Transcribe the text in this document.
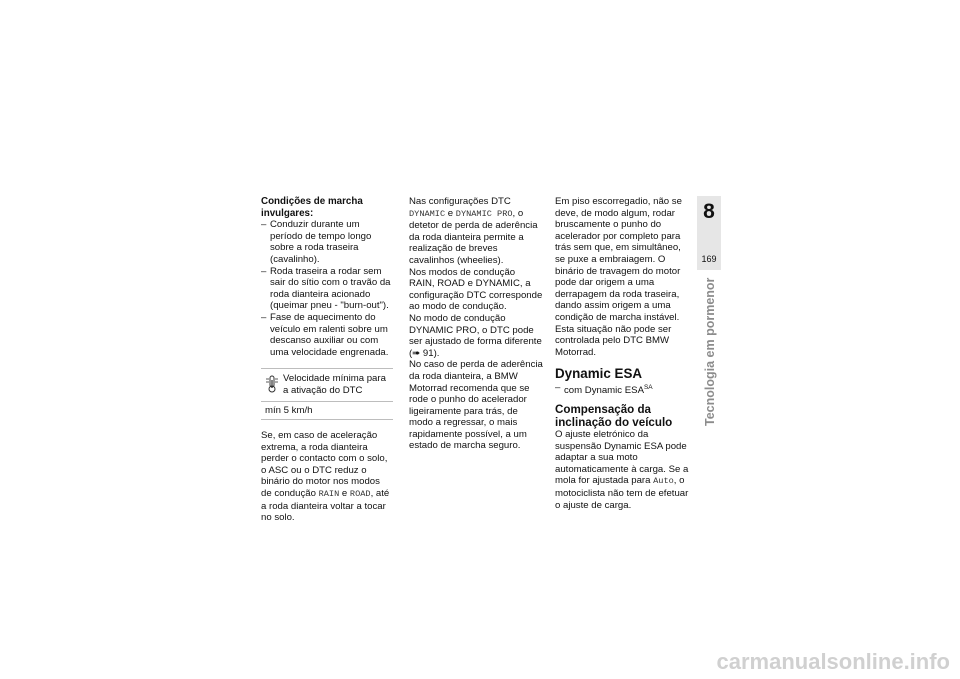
Condições de marcha invulgares:
– Conduzir durante um período de tempo longo sobre a roda traseira (cavalinho).
– Roda traseira a rodar sem sair do sítio com o travão da roda dianteira acionado (queimar pneu - "burn-out").
– Fase de aquecimento do veículo em ralenti sobre um descanso auxiliar ou com uma velocidade engrenada.
Velocidade mínima para a ativação do DTC
mín 5 km/h

Se, em caso de aceleração extrema, a roda dianteira perder o contacto com o solo, o ASC ou o DTC reduz o binário do motor nos modos de condução RAIN e ROAD, até a roda dianteira voltar a tocar no solo.

Nas configurações DTC DYNAMIC e DYNAMIC PRO, o detetor de perda de aderência da roda dianteira permite a realização de breves cavalinhos (wheelies).

Nos modos de condução RAIN, ROAD e DYNAMIC, a configuração DTC corresponde ao modo de condução.

No modo de condução DYNAMIC PRO, o DTC pode ser ajustado de forma diferente (➠ 91).

No caso de perda de aderência da roda dianteira, a BMW Motorrad recomenda que se rode o punho do acelerador ligeiramente para trás, de modo a regressar, o mais rapidamente possível, a um estado de marcha seguro.

Em piso escorregadio, não se deve, de modo algum, rodar bruscamente o punho do acelerador por completo para trás sem que, em simultâneo, se puxe a embraiagem. O binário de travagem do motor pode dar origem a uma derrapagem da roda traseira, dando assim origem a uma condição de marcha instável. Esta situação não pode ser controlada pelo DTC BMW Motorrad.

Dynamic ESA
– com Dynamic $ESA^{SA}$
Compensação da inclinação do veículo

O ajuste eletrónico da suspensão Dynamic ESA pode adaptar a sua moto automaticamente à carga. Se a mola for ajustada para Auto, o motociclista não tem de efetuar o ajuste de carga.

8
169
Tecnologia em pormenor
carmanualsonline.info
